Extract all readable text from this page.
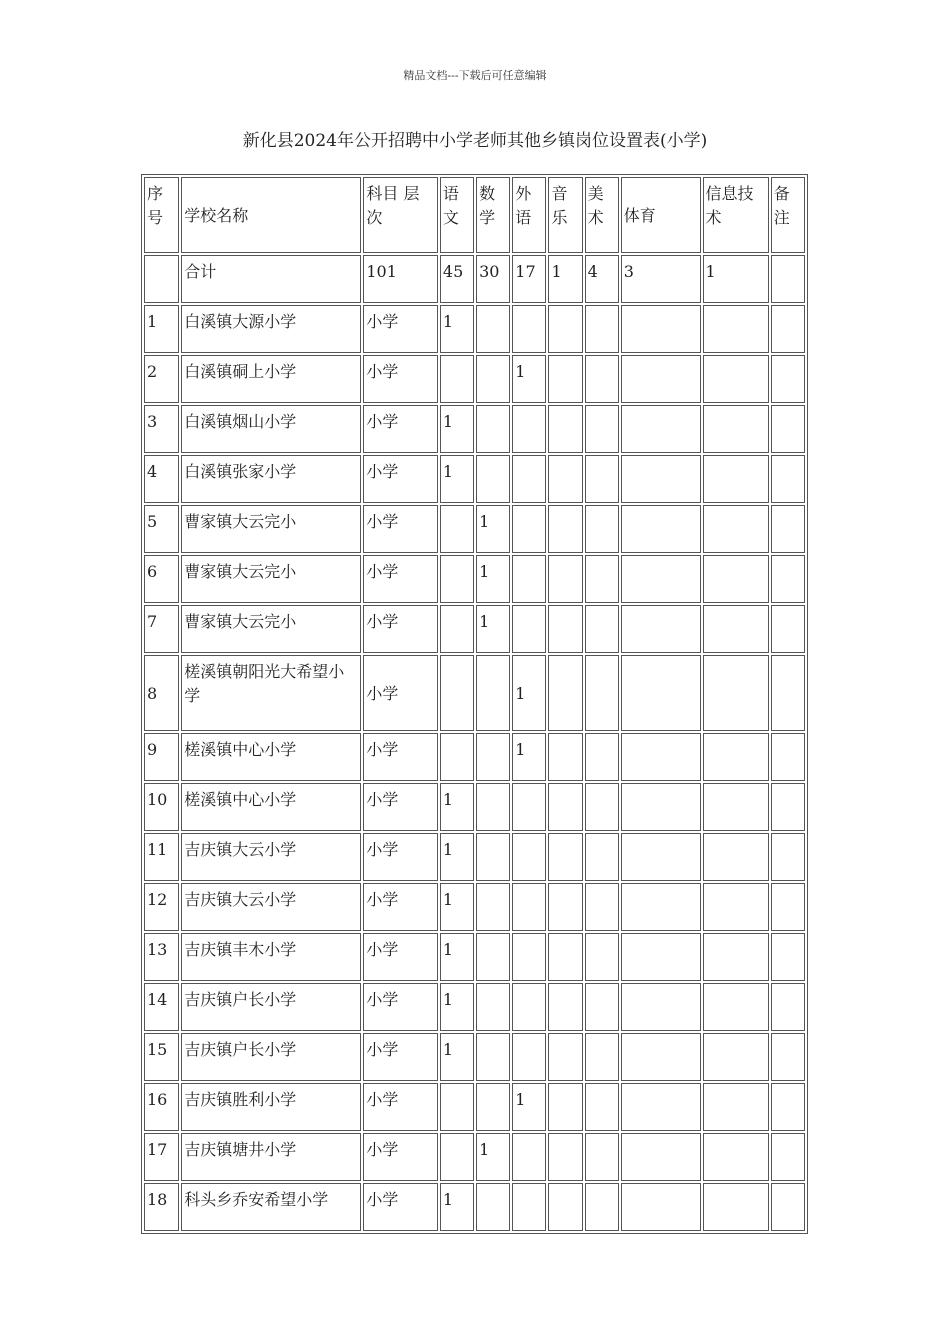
精品文档---下载后可任意编辑
新化县2024年公开招聘中小学老师其他乡镇岗位设置表(小学)
序号	学校名称	科目 层次	语文	数学	外语	音乐	美术	体育	信息技术	备注
	合计	101	45	30	17	1	4	3	1	
1	白溪镇大源小学	小学	1							
2	白溪镇硐上小学	小学			1					
3	白溪镇烟山小学	小学	1							
4	白溪镇张家小学	小学	1							
5	曹家镇大云完小	小学		1						
6	曹家镇大云完小	小学		1						
7	曹家镇大云完小	小学		1						
8	槎溪镇朝阳光大希望小学	小学			1					
9	槎溪镇中心小学	小学			1					
10	槎溪镇中心小学	小学	1							
11	吉庆镇大云小学	小学	1							
12	吉庆镇大云小学	小学	1							
13	吉庆镇丰木小学	小学	1							
14	吉庆镇户长小学	小学	1							
15	吉庆镇户长小学	小学	1							
16	吉庆镇胜利小学	小学			1					
17	吉庆镇塘井小学	小学		1						
18	科头乡乔安希望小学	小学	1							
